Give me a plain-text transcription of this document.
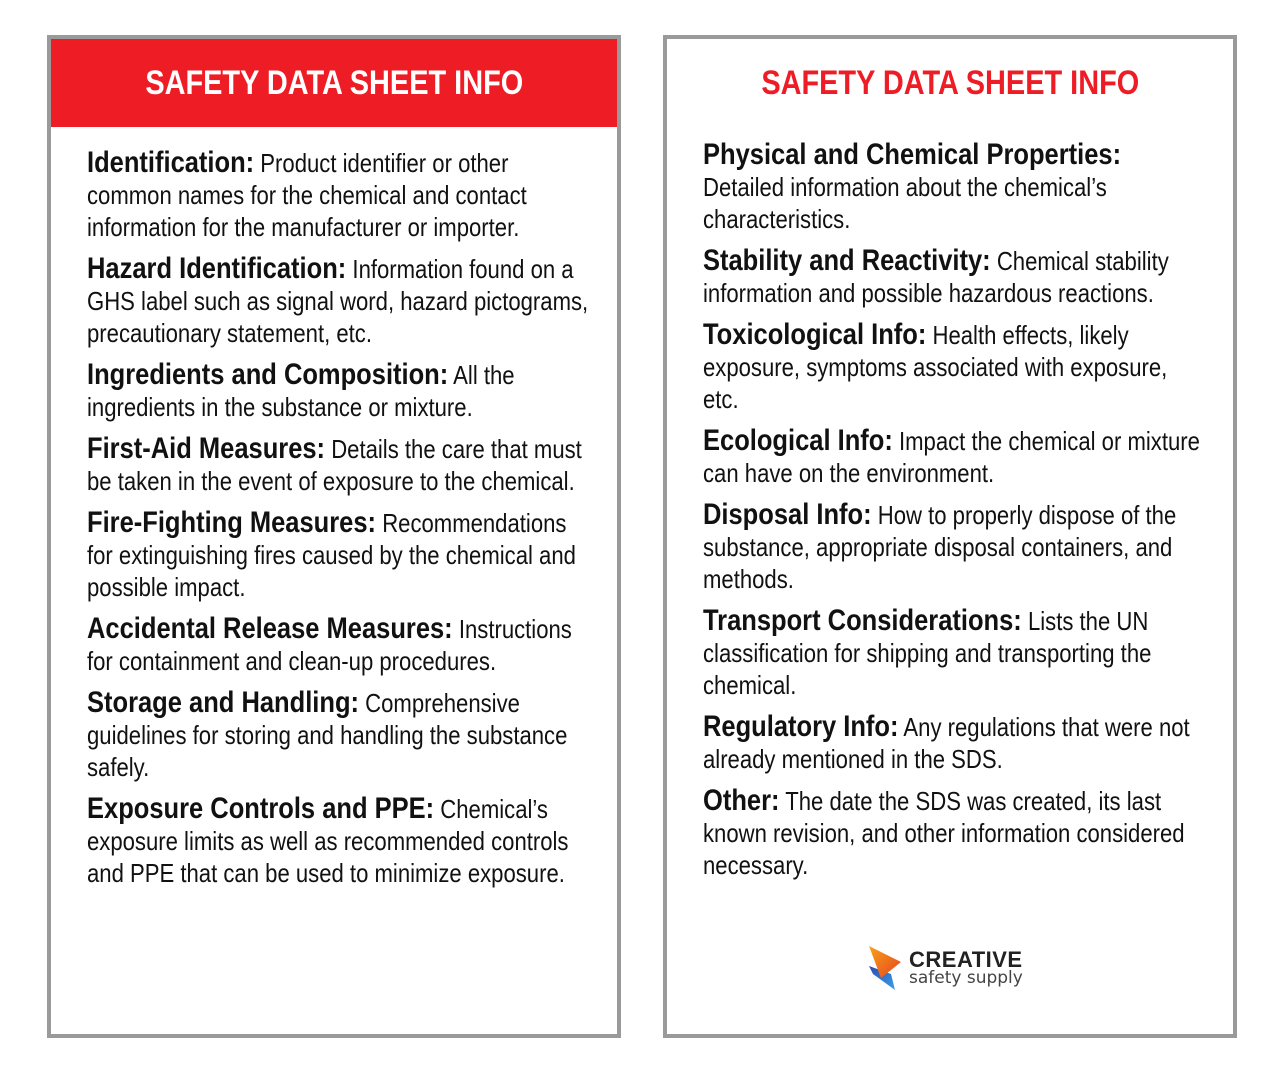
SAFETY DATA SHEET INFO
Identification: Product identifier or other common names for the chemical and contact information for the manufacturer or importer.
Hazard Identification: Information found on a GHS label such as signal word, hazard pictograms, precautionary statement, etc.
Ingredients and Composition: All the ingredients in the substance or mixture.
First-Aid Measures: Details the care that must be taken in the event of exposure to the chemical.
Fire-Fighting Measures: Recommendations for extinguishing fires caused by the chemical and possible impact.
Accidental Release Measures: Instructions for containment and clean-up procedures.
Storage and Handling: Comprehensive guidelines for storing and handling the substance safely.
Exposure Controls and PPE: Chemical’s exposure limits as well as recommended controls and PPE that can be used to minimize exposure.
SAFETY DATA SHEET INFO
Physical and Chemical Properties: Detailed information about the chemical’s characteristics.
Stability and Reactivity: Chemical stability information and possible hazardous reactions.
Toxicological Info: Health effects, likely exposure, symptoms associated with exposure, etc.
Ecological Info: Impact the chemical or mixture can have on the environment.
Disposal Info: How to properly dispose of the substance, appropriate disposal containers, and methods.
Transport Considerations: Lists the UN classification for shipping and transporting the chemical.
Regulatory Info: Any regulations that were not already mentioned in the SDS.
Other: The date the SDS was created, its last known revision, and other information considered necessary.
CREATIVE
safety supply
